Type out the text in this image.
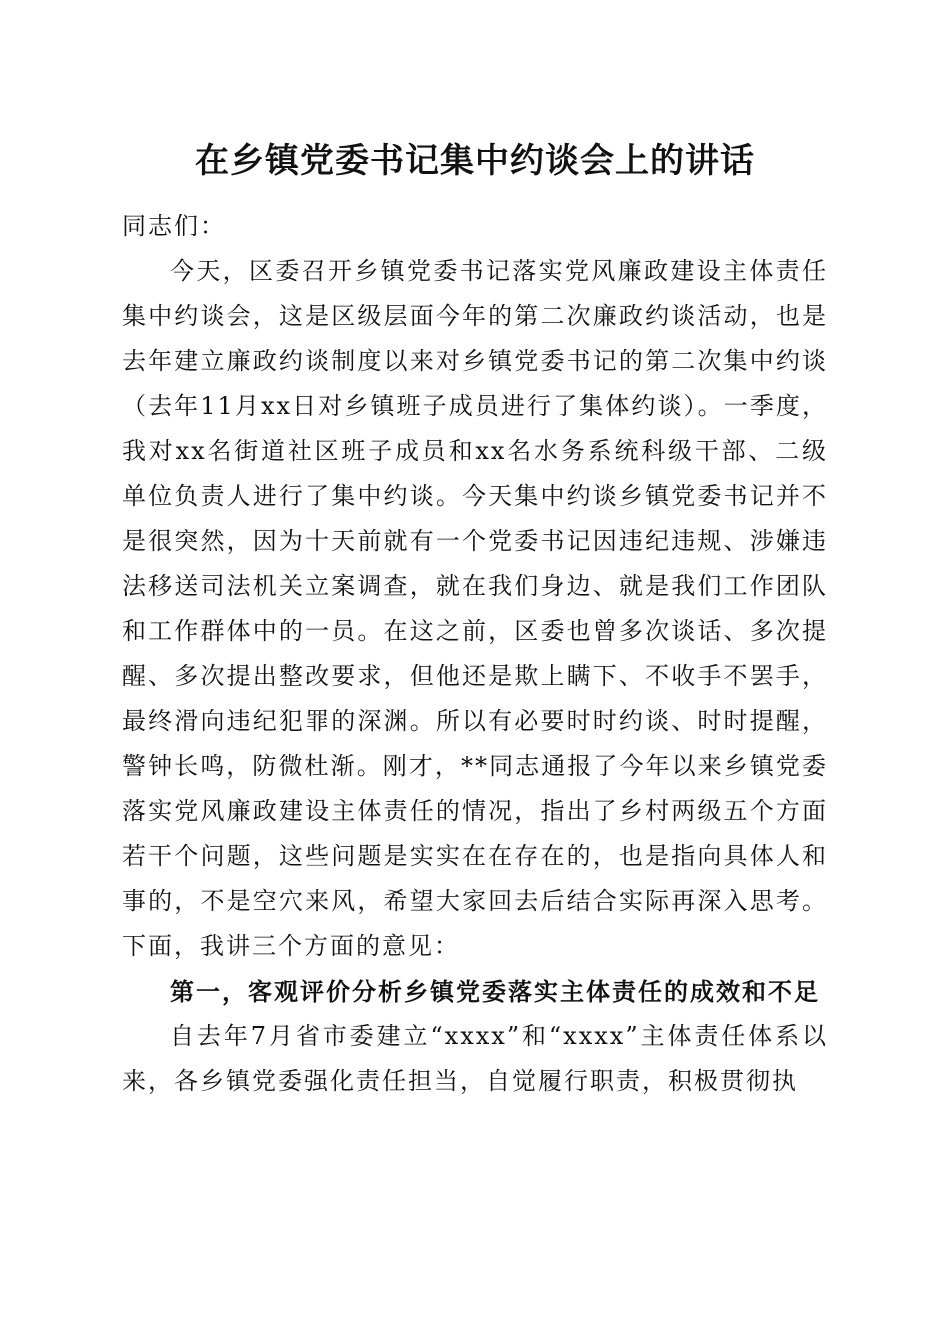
在乡镇党委书记集中约谈会上的讲话

同志们：

今天，区委召开乡镇党委书记落实党风廉政建设主体责任集中约谈会，这是区级层面今年的第二次廉政约谈活动，也是去年建立廉政约谈制度以来对乡镇党委书记的第二次集中约谈（去年11月xx日对乡镇班子成员进行了集体约谈）。一季度，我对xx名街道社区班子成员和xx名水务系统科级干部、二级单位负责人进行了集中约谈。今天集中约谈乡镇党委书记并不是很突然，因为十天前就有一个党委书记因违纪违规、涉嫌违法移送司法机关立案调查，就在我们身边、就是我们工作团队和工作群体中的一员。在这之前，区委也曾多次谈话、多次提醒、多次提出整改要求，但他还是欺上瞒下、不收手不罢手，最终滑向违纪犯罪的深渊。所以有必要时时约谈、时时提醒，警钟长鸣，防微杜渐。刚才，**同志通报了今年以来乡镇党委落实党风廉政建设主体责任的情况，指出了乡村两级五个方面若干个问题，这些问题是实实在在存在的，也是指向具体人和事的，不是空穴来风，希望大家回去后结合实际再深入思考。下面，我讲三个方面的意见：

第一，客观评价分析乡镇党委落实主体责任的成效和不足

自去年7月省市委建立“xxxx”和“xxxx”主体责任体系以来，各乡镇党委强化责任担当，自觉履行职责，积极贯彻执
